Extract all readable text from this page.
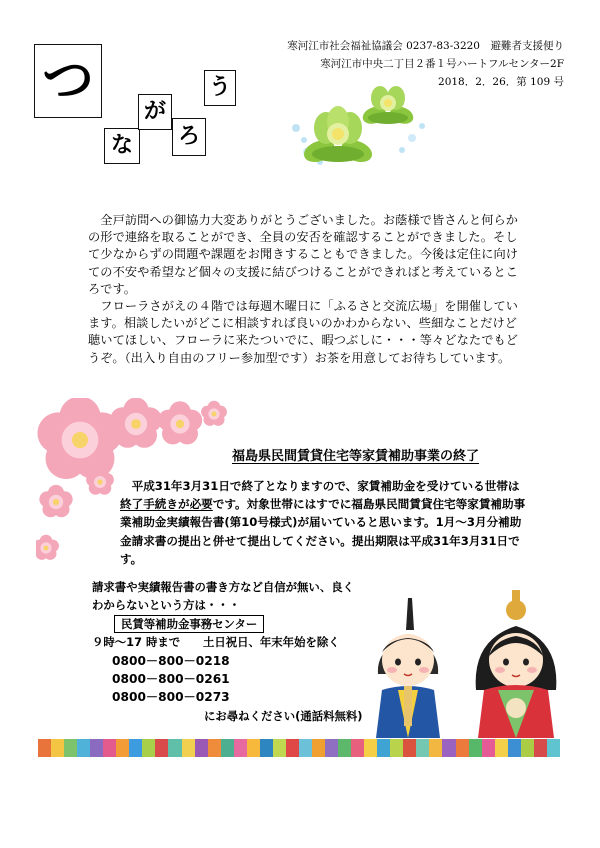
つ
な
が
ろ
う
寒河江市社会福祉協議会 0237-83-3220　避難者支援便り
寒河江市中央二丁目２番１号ハートフルセンター2F
2018．2．26．第 109 号

　全戸訪問への御協力大変ありがとうございました。お蔭様で皆さんと何らかの形で連絡を取ることができ、全員の安否を確認することができました。そして少なからずの問題や課題をお聞きすることもできました。今後は定住に向けての不安や希望など個々の支援に結びつけることができればと考えているところです。

　フローラさがえの４階では毎週木曜日に「ふるさと交流広場」を開催しています。相談したいがどこに相談すれば良いのかわからない、些細なことだけど聴いてほしい、フローラに来たついでに、暇つぶしに・・・等々どなたでもどうぞ。（出入り自由のフリー参加型です）お茶を用意してお待ちしています。

福島県民間賃貸住宅等家賃補助事業の終了

　平成31年3月31日で終了となりますので、家賃補助金を受けている世帯は終了手続きが必要です。対象世帯にはすでに福島県民間賃貸住宅等家賃補助事業補助金実績報告書(第10号様式)が届いていると思います。1月～3月分補助金請求書の提出と併せて提出してください。提出期限は平成31年3月31日です。

請求書や実績報告書の書き方など自信が無い、良く
わからないという方は・・・
民賃等補助金事務センター
９時～17 時まで　　土日祝日、年末年始を除く
0800－800－0218
0800－800－0261
0800－800－0273
にお尋ねください(通話料無料)
